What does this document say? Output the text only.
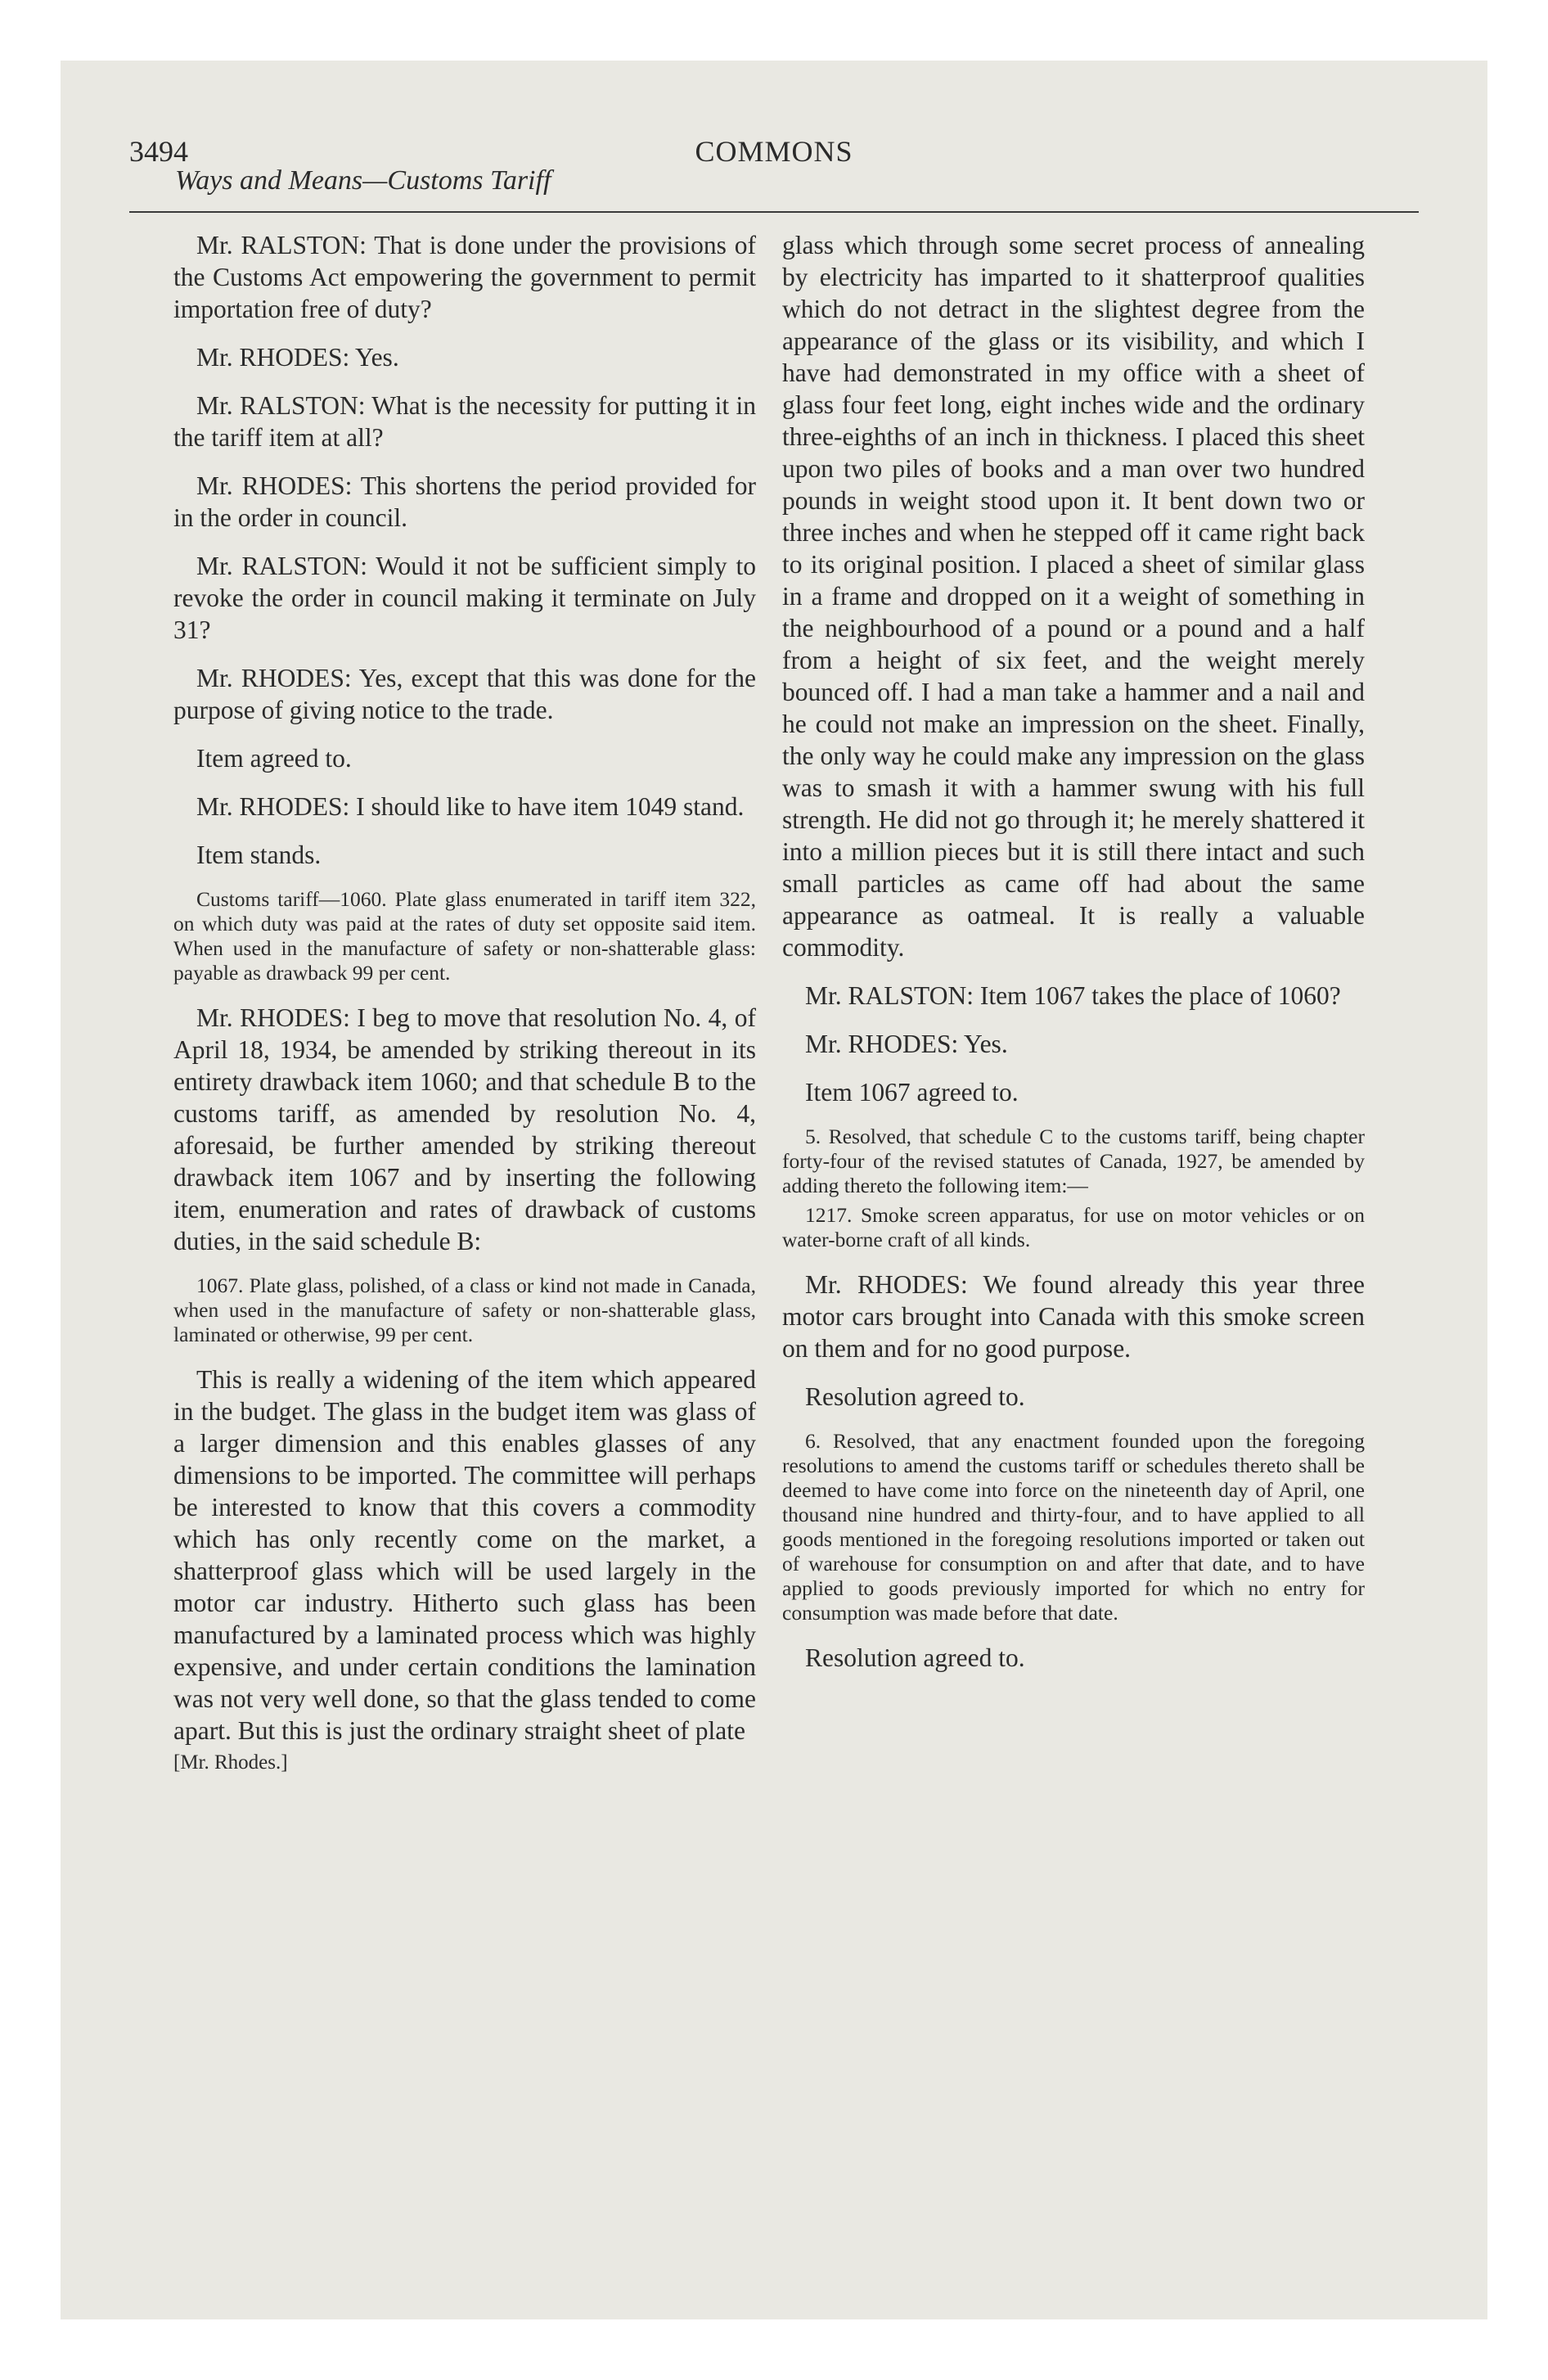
3494	COMMONS
Ways and Means—Customs Tariff

Mr. RALSTON: That is done under the provisions of the Customs Act empowering the government to permit importation free of duty?

Mr. RHODES: Yes.

Mr. RALSTON: What is the necessity for putting it in the tariff item at all?

Mr. RHODES: This shortens the period provided for in the order in council.

Mr. RALSTON: Would it not be sufficient simply to revoke the order in council making it terminate on July 31?

Mr. RHODES: Yes, except that this was done for the purpose of giving notice to the trade.

Item agreed to.

Mr. RHODES: I should like to have item 1049 stand.

Item stands.

Customs tariff—1060. Plate glass enumerated in tariff item 322, on which duty was paid at the rates of duty set opposite said item. When used in the manufacture of safety or non-shatterable glass: payable as drawback 99 per cent.

Mr. RHODES: I beg to move that resolution No. 4, of April 18, 1934, be amended by striking thereout in its entirety drawback item 1060; and that schedule B to the customs tariff, as amended by resolution No. 4, aforesaid, be further amended by striking thereout drawback item 1067 and by inserting the following item, enumeration and rates of drawback of customs duties, in the said schedule B:

1067. Plate glass, polished, of a class or kind not made in Canada, when used in the manufacture of safety or non-shatterable glass, laminated or otherwise, 99 per cent.

This is really a widening of the item which appeared in the budget. The glass in the budget item was glass of a larger dimension and this enables glasses of any dimensions to be imported. The committee will perhaps be interested to know that this covers a commodity which has only recently come on the market, a shatterproof glass which will be used largely in the motor car industry. Hitherto such glass has been manufactured by a laminated process which was highly expensive, and under certain conditions the lamination was not very well done, so that the glass tended to come apart. But this is just the ordinary straight sheet of plate

[Mr. Rhodes.]

glass which through some secret process of annealing by electricity has imparted to it shatterproof qualities which do not detract in the slightest degree from the appearance of the glass or its visibility, and which I have had demonstrated in my office with a sheet of glass four feet long, eight inches wide and the ordinary three-eighths of an inch in thickness. I placed this sheet upon two piles of books and a man over two hundred pounds in weight stood upon it. It bent down two or three inches and when he stepped off it came right back to its original position. I placed a sheet of similar glass in a frame and dropped on it a weight of something in the neighbourhood of a pound or a pound and a half from a height of six feet, and the weight merely bounced off. I had a man take a hammer and a nail and he could not make an impression on the sheet. Finally, the only way he could make any impression on the glass was to smash it with a hammer swung with his full strength. He did not go through it; he merely shattered it into a million pieces but it is still there intact and such small particles as came off had about the same appearance as oatmeal. It is really a valuable commodity.

Mr. RALSTON: Item 1067 takes the place of 1060?

Mr. RHODES: Yes.

Item 1067 agreed to.

5. Resolved, that schedule C to the customs tariff, being chapter forty-four of the revised statutes of Canada, 1927, be amended by adding thereto the following item:—

1217. Smoke screen apparatus, for use on motor vehicles or on water-borne craft of all kinds.

Mr. RHODES: We found already this year three motor cars brought into Canada with this smoke screen on them and for no good purpose.

Resolution agreed to.

6. Resolved, that any enactment founded upon the foregoing resolutions to amend the customs tariff or schedules thereto shall be deemed to have come into force on the nineteenth day of April, one thousand nine hundred and thirty-four, and to have applied to all goods mentioned in the foregoing resolutions imported or taken out of warehouse for consumption on and after that date, and to have applied to goods previously imported for which no entry for consumption was made before that date.

Resolution agreed to.
